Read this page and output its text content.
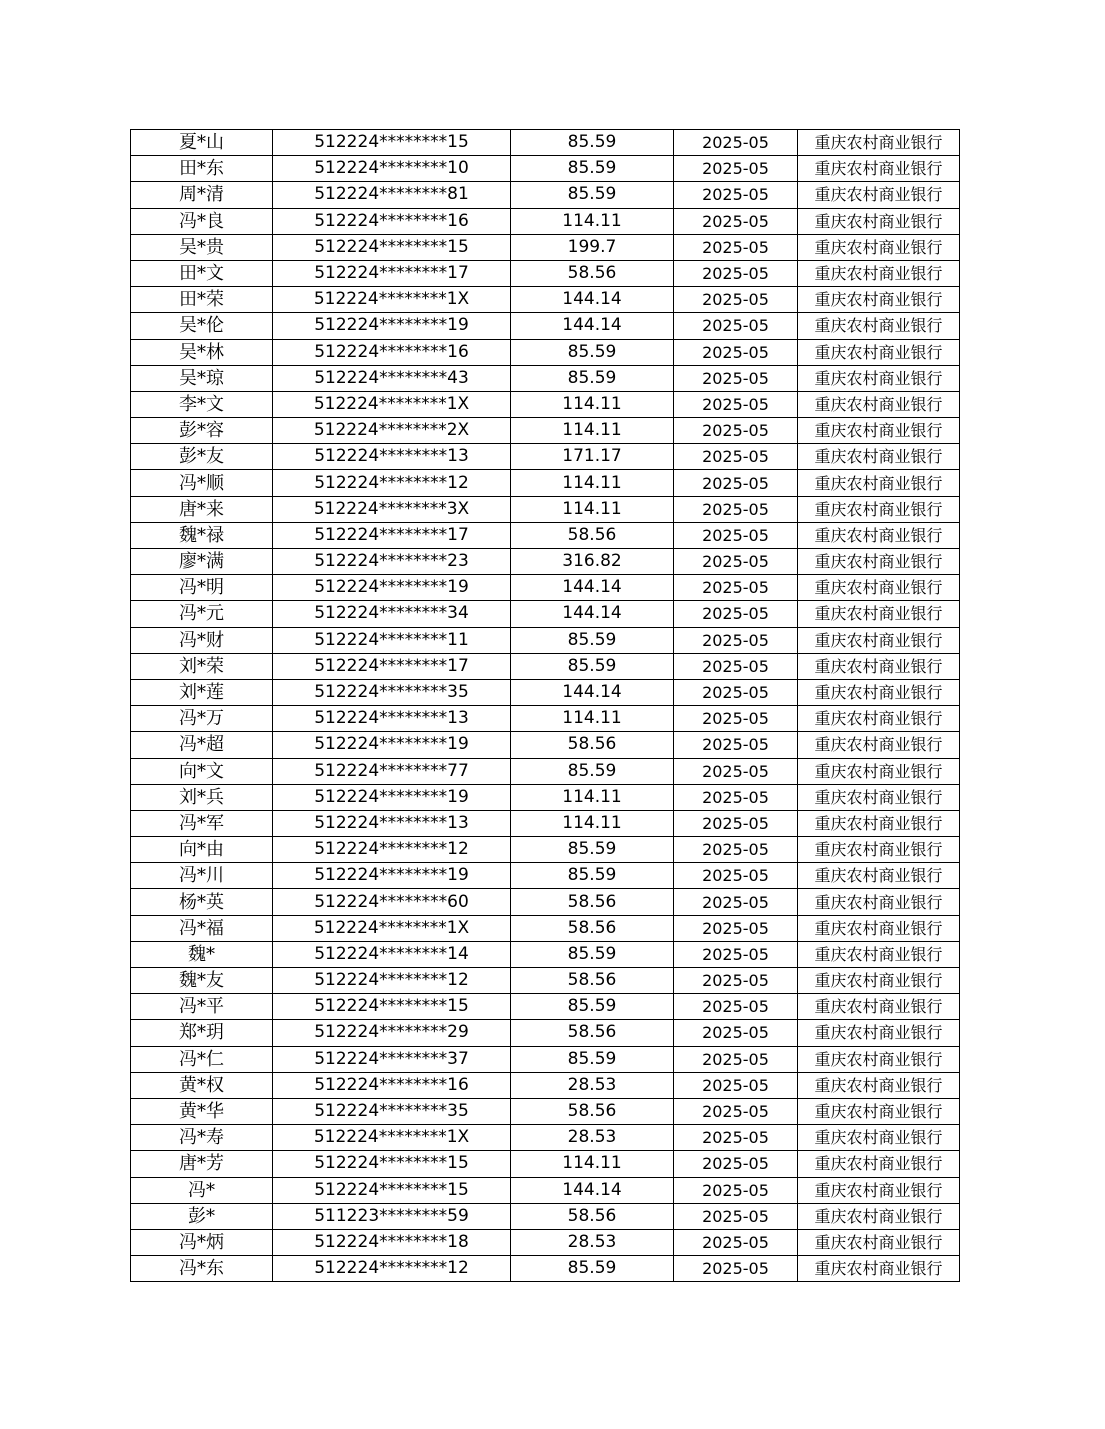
夏*山	512224********15	85.59	2025-05	重庆农村商业银行
田*东	512224********10	85.59	2025-05	重庆农村商业银行
周*清	512224********81	85.59	2025-05	重庆农村商业银行
冯*良	512224********16	114.11	2025-05	重庆农村商业银行
吴*贵	512224********15	199.7	2025-05	重庆农村商业银行
田*文	512224********17	58.56	2025-05	重庆农村商业银行
田*荣	512224********1X	144.14	2025-05	重庆农村商业银行
吴*伦	512224********19	144.14	2025-05	重庆农村商业银行
吴*林	512224********16	85.59	2025-05	重庆农村商业银行
吴*琼	512224********43	85.59	2025-05	重庆农村商业银行
李*文	512224********1X	114.11	2025-05	重庆农村商业银行
彭*容	512224********2X	114.11	2025-05	重庆农村商业银行
彭*友	512224********13	171.17	2025-05	重庆农村商业银行
冯*顺	512224********12	114.11	2025-05	重庆农村商业银行
唐*来	512224********3X	114.11	2025-05	重庆农村商业银行
魏*禄	512224********17	58.56	2025-05	重庆农村商业银行
廖*满	512224********23	316.82	2025-05	重庆农村商业银行
冯*明	512224********19	144.14	2025-05	重庆农村商业银行
冯*元	512224********34	144.14	2025-05	重庆农村商业银行
冯*财	512224********11	85.59	2025-05	重庆农村商业银行
刘*荣	512224********17	85.59	2025-05	重庆农村商业银行
刘*莲	512224********35	144.14	2025-05	重庆农村商业银行
冯*万	512224********13	114.11	2025-05	重庆农村商业银行
冯*超	512224********19	58.56	2025-05	重庆农村商业银行
向*文	512224********77	85.59	2025-05	重庆农村商业银行
刘*兵	512224********19	114.11	2025-05	重庆农村商业银行
冯*军	512224********13	114.11	2025-05	重庆农村商业银行
向*由	512224********12	85.59	2025-05	重庆农村商业银行
冯*川	512224********19	85.59	2025-05	重庆农村商业银行
杨*英	512224********60	58.56	2025-05	重庆农村商业银行
冯*福	512224********1X	58.56	2025-05	重庆农村商业银行
魏*	512224********14	85.59	2025-05	重庆农村商业银行
魏*友	512224********12	58.56	2025-05	重庆农村商业银行
冯*平	512224********15	85.59	2025-05	重庆农村商业银行
郑*玥	512224********29	58.56	2025-05	重庆农村商业银行
冯*仁	512224********37	85.59	2025-05	重庆农村商业银行
黄*权	512224********16	28.53	2025-05	重庆农村商业银行
黄*华	512224********35	58.56	2025-05	重庆农村商业银行
冯*寿	512224********1X	28.53	2025-05	重庆农村商业银行
唐*芳	512224********15	114.11	2025-05	重庆农村商业银行
冯*	512224********15	144.14	2025-05	重庆农村商业银行
彭*	511223********59	58.56	2025-05	重庆农村商业银行
冯*炳	512224********18	28.53	2025-05	重庆农村商业银行
冯*东	512224********12	85.59	2025-05	重庆农村商业银行
